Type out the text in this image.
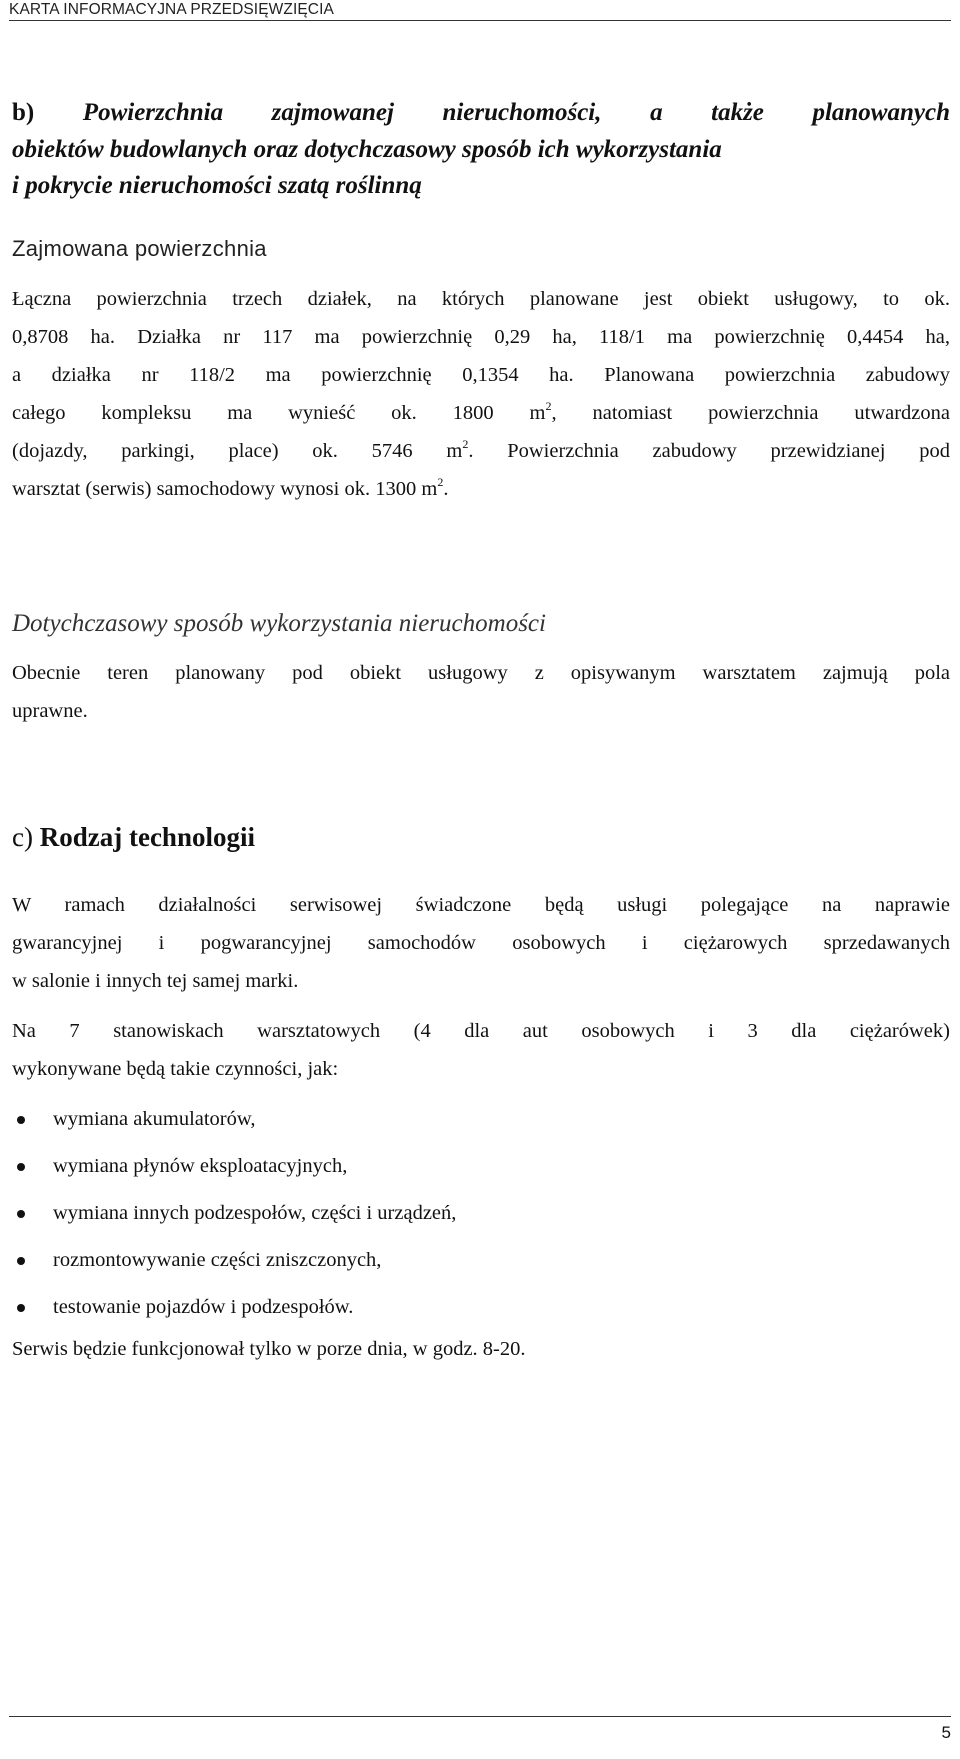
KARTA INFORMACYJNA PRZEDSIĘWZIĘCIA
b) Powierzchnia zajmowanej nieruchomości, a także planowanych
obiektów budowlanych oraz dotychczasowy sposób ich wykorzystania
i pokrycie nieruchomości szatą roślinną
Zajmowana powierzchnia
Łączna powierzchnia trzech działek, na których planowane jest obiekt usługowy, to ok.
0,8708 ha. Działka nr 117 ma powierzchnię 0,29 ha, 118/1 ma powierzchnię 0,4454 ha,
a działka nr 118/2 ma powierzchnię 0,1354 ha. Planowana powierzchnia zabudowy
całego kompleksu ma wynieść ok. 1800 $m^2$, natomiast powierzchnia utwardzona
(dojazdy, parkingi, place) ok. 5746 $m^2$. Powierzchnia zabudowy przewidzianej pod
warsztat (serwis) samochodowy wynosi ok. 1300 $m^2$.
Dotychczasowy sposób wykorzystania nieruchomości
Obecnie teren planowany pod obiekt usługowy z opisywanym warsztatem zajmują pola
uprawne.
c) Rodzaj technologii
W ramach działalności serwisowej świadczone będą usługi polegające na naprawie
gwarancyjnej i pogwarancyjnej samochodów osobowych i ciężarowych sprzedawanych
w salonie i innych tej samej marki.
Na 7 stanowiskach warsztatowych (4 dla aut osobowych i 3 dla ciężarówek)
wykonywane będą takie czynności, jak:
wymiana akumulatorów,
wymiana płynów eksploatacyjnych,
wymiana innych podzespołów, części i urządzeń,
rozmontowywanie części zniszczonych,
testowanie pojazdów i podzespołów.
Serwis będzie funkcjonował tylko w porze dnia, w godz. 8-20.
5
